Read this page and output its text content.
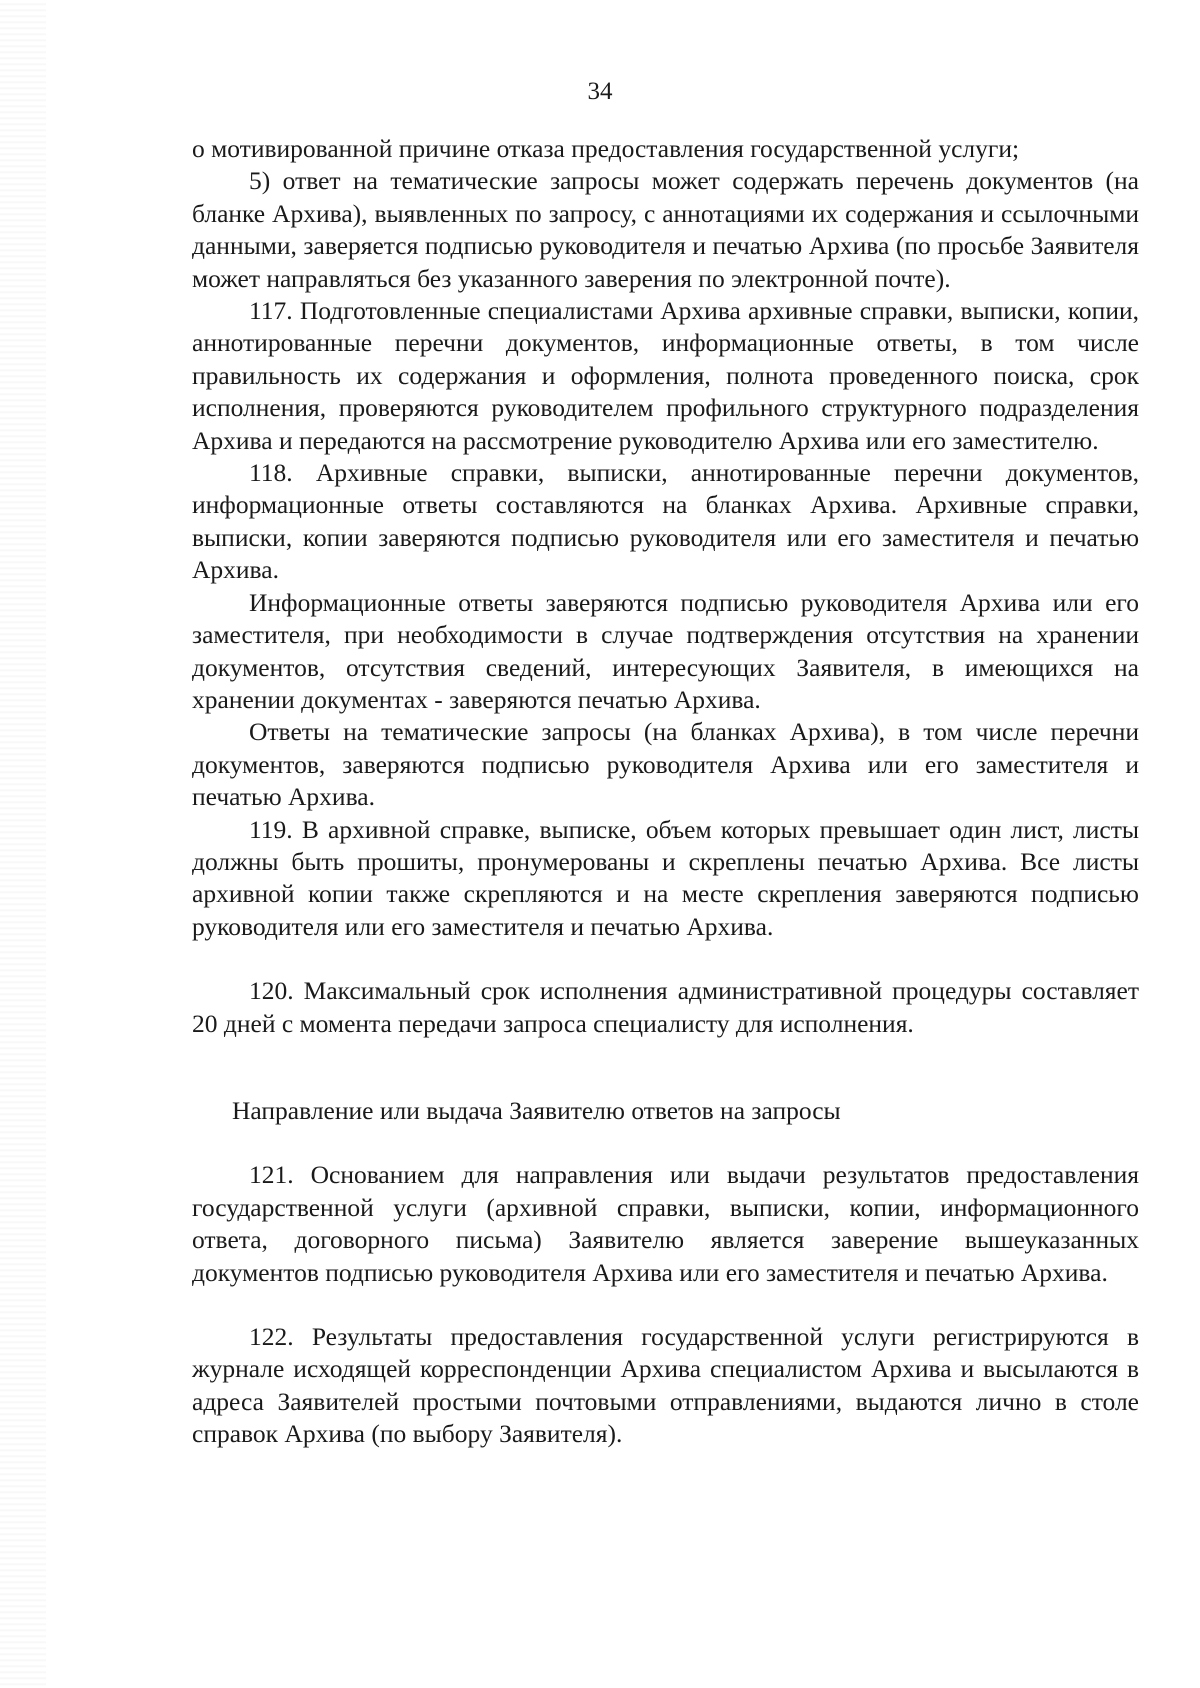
34

о мотивированной причине отказа предоставления государственной услуги;

5) ответ на тематические запросы может содержать перечень документов (на бланке Архива), выявленных по запросу, с аннотациями их содержания и ссылочными данными, заверяется подписью руководителя и печатью Архива (по просьбе Заявителя может направляться без указанного заверения по электронной почте).

117. Подготовленные специалистами Архива архивные справки, выписки, копии, аннотированные перечни документов, информационные ответы, в том числе правильность их содержания и оформления, полнота проведенного поиска, срок исполнения, проверяются руководителем профильного структурного подразделения Архива и передаются на рассмотрение руководителю Архива или его заместителю.

118. Архивные справки, выписки, аннотированные перечни документов, информационные ответы составляются на бланках Архива. Архивные справки, выписки, копии заверяются подписью руководителя или его заместителя и печатью Архива.

Информационные ответы заверяются подписью руководителя Архива или его заместителя, при необходимости в случае подтверждения отсутствия на хранении документов, отсутствия сведений, интересующих Заявителя, в имеющихся на хранении документах - заверяются печатью Архива.

Ответы на тематические запросы (на бланках Архива), в том числе перечни документов, заверяются подписью руководителя Архива или его заместителя и печатью Архива.

119. В архивной справке, выписке, объем которых превышает один лист, листы должны быть прошиты, пронумерованы и скреплены печатью Архива. Все листы архивной копии также скрепляются и на месте скрепления заверяются подписью руководителя или его заместителя и печатью Архива.

120. Максимальный срок исполнения административной процедуры составляет 20 дней с момента передачи запроса специалисту для исполнения.

Направление или выдача Заявителю ответов на запросы

121. Основанием для направления или выдачи результатов предоставления государственной услуги (архивной справки, выписки, копии, информационного ответа, договорного письма) Заявителю является заверение вышеуказанных документов подписью руководителя Архива или его заместителя и печатью Архива.

122. Результаты предоставления государственной услуги регистрируются в журнале исходящей корреспонденции Архива специалистом Архива и высылаются в адреса Заявителей простыми почтовыми отправлениями, выдаются лично в столе справок Архива (по выбору Заявителя).
